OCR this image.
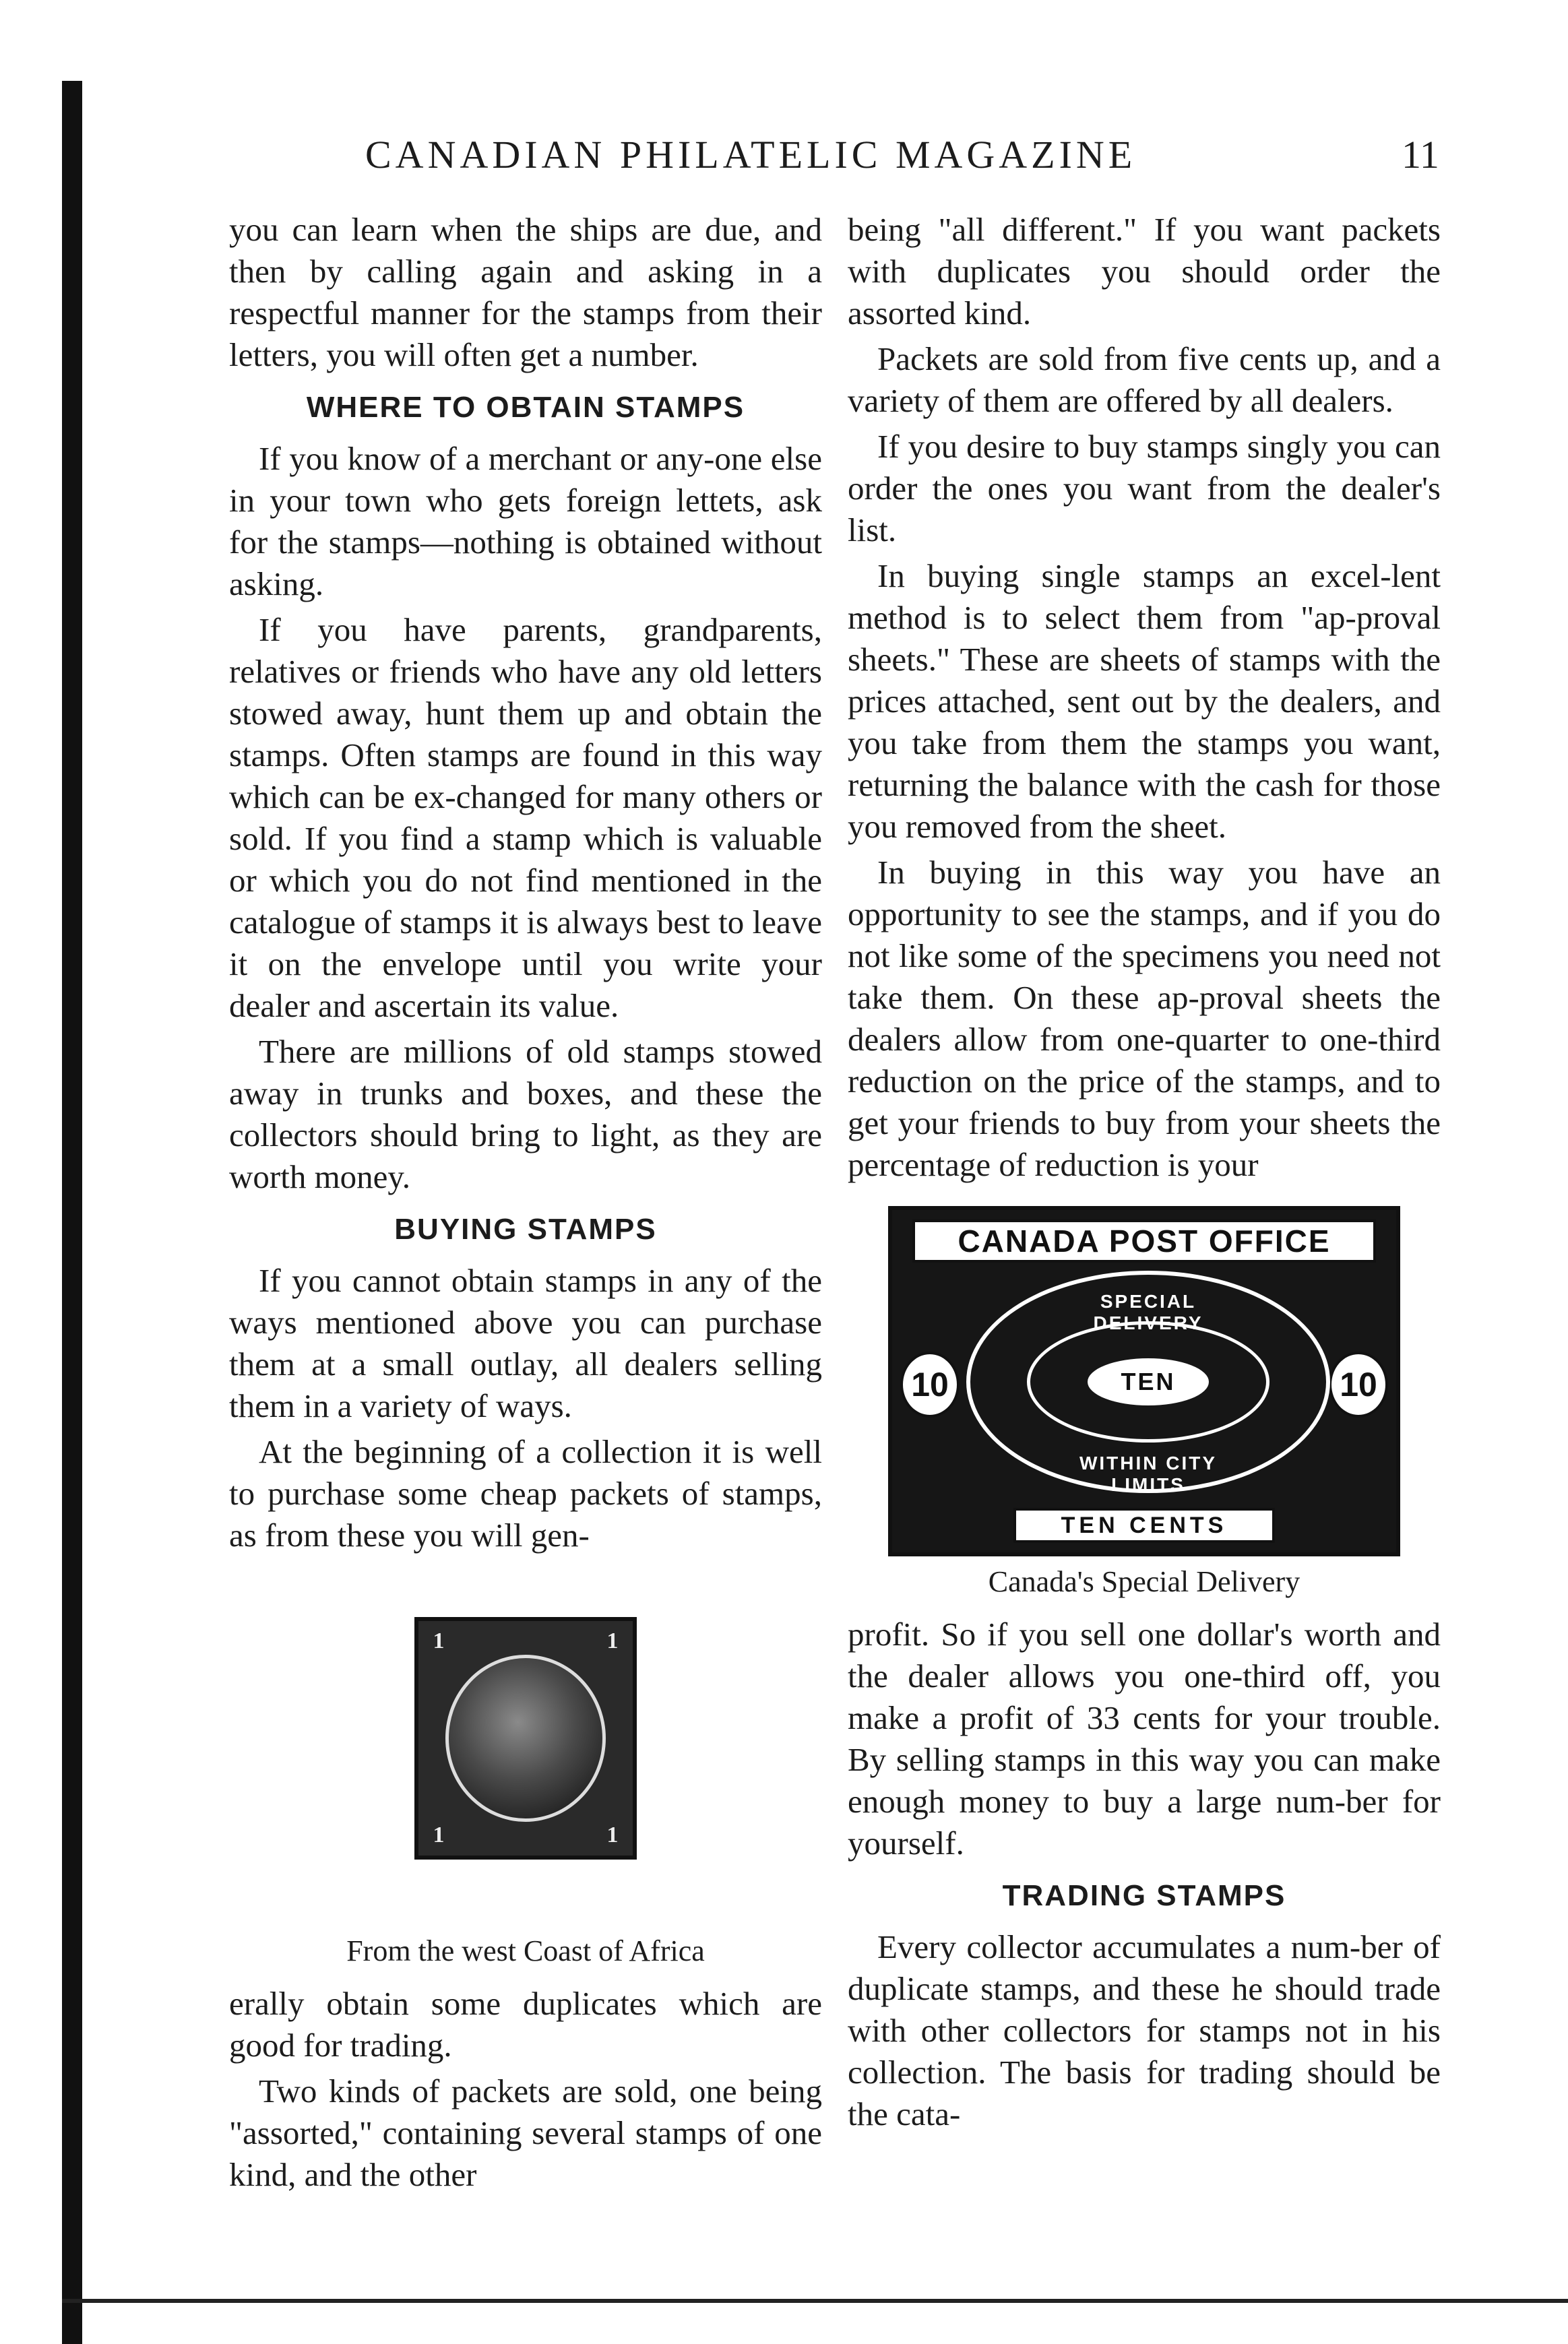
CANADIAN PHILATELIC MAGAZINE	11

you can learn when the ships are due, and then by calling again and asking in a respectful manner for the stamps from their letters, you will often get a number.

WHERE TO OBTAIN STAMPS

If you know of a merchant or any-one else in your town who gets foreign lettets, ask for the stamps—nothing is obtained without asking.

If you have parents, grandparents, relatives or friends who have any old letters stowed away, hunt them up and obtain the stamps. Often stamps are found in this way which can be ex-changed for many others or sold. If you find a stamp which is valuable or which you do not find mentioned in the catalogue of stamps it is always best to leave it on the envelope until you write your dealer and ascertain its value.

There are millions of old stamps stowed away in trunks and boxes, and these the collectors should bring to light, as they are worth money.

BUYING STAMPS

If you cannot obtain stamps in any of the ways mentioned above you can purchase them at a small outlay, all dealers selling them in a variety of ways.

At the beginning of a collection it is well to purchase some cheap packets of stamps, as from these you will gen-

1	1
1	1
From the west Coast of Africa

erally obtain some duplicates which are good for trading.

Two kinds of packets are sold, one being "assorted," containing several stamps of one kind, and the other

being "all different." If you want packets with duplicates you should order the assorted kind.

Packets are sold from five cents up, and a variety of them are offered by all dealers.

If you desire to buy stamps singly you can order the ones you want from the dealer's list.

In buying single stamps an excel-lent method is to select them from "ap-proval sheets." These are sheets of stamps with the prices attached, sent out by the dealers, and you take from them the stamps you want, returning the balance with the cash for those you removed from the sheet.

In buying in this way you have an opportunity to see the stamps, and if you do not like some of the specimens you need not take them. On these ap-proval sheets the dealers allow from one-quarter to one-third reduction on the price of the stamps, and to get your friends to buy from your sheets the percentage of reduction is your

CANADA POST OFFICE
10	10
SPECIAL DELIVERY
WITHIN CITY LIMITS
TEN
TEN CENTS
Canada's Special Delivery

profit. So if you sell one dollar's worth and the dealer allows you one-third off, you make a profit of 33 cents for your trouble. By selling stamps in this way you can make enough money to buy a large num-ber for yourself.

TRADING STAMPS

Every collector accumulates a num-ber of duplicate stamps, and these he should trade with other collectors for stamps not in his collection. The basis for trading should be the cata-
